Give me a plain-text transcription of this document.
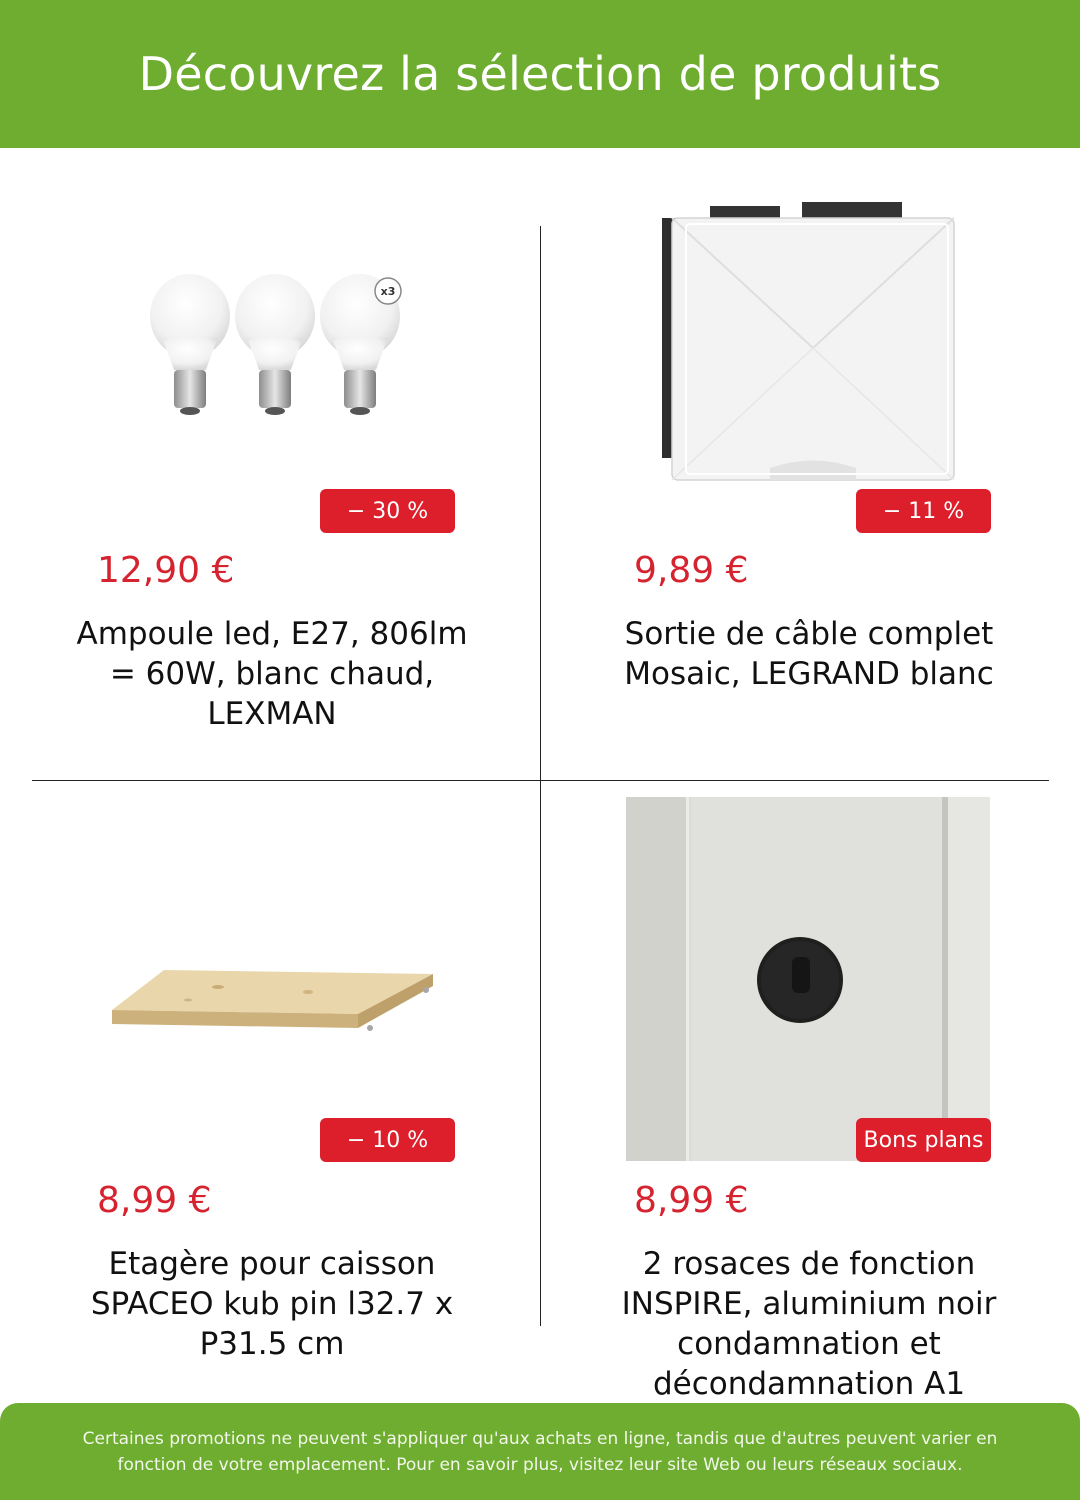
Découvrez la sélection de produits
x3
− 30 %
12,90 €
Ampoule led, E27, 806lm = 60W, blanc chaud, LEXMAN
− 11 %
9,89 €
Sortie de câble complet Mosaic, LEGRAND blanc
− 10 %
8,99 €
Etagère pour caisson SPACEO kub pin l32.7 x P31.5 cm
Bons plans
8,99 €
2 rosaces de fonction INSPIRE, aluminium noir condamnation et décondamnation A1

Certaines promotions ne peuvent s'appliquer qu'aux achats en ligne, tandis que d'autres peuvent varier en fonction de votre emplacement. Pour en savoir plus, visitez leur site Web ou leurs réseaux sociaux.
